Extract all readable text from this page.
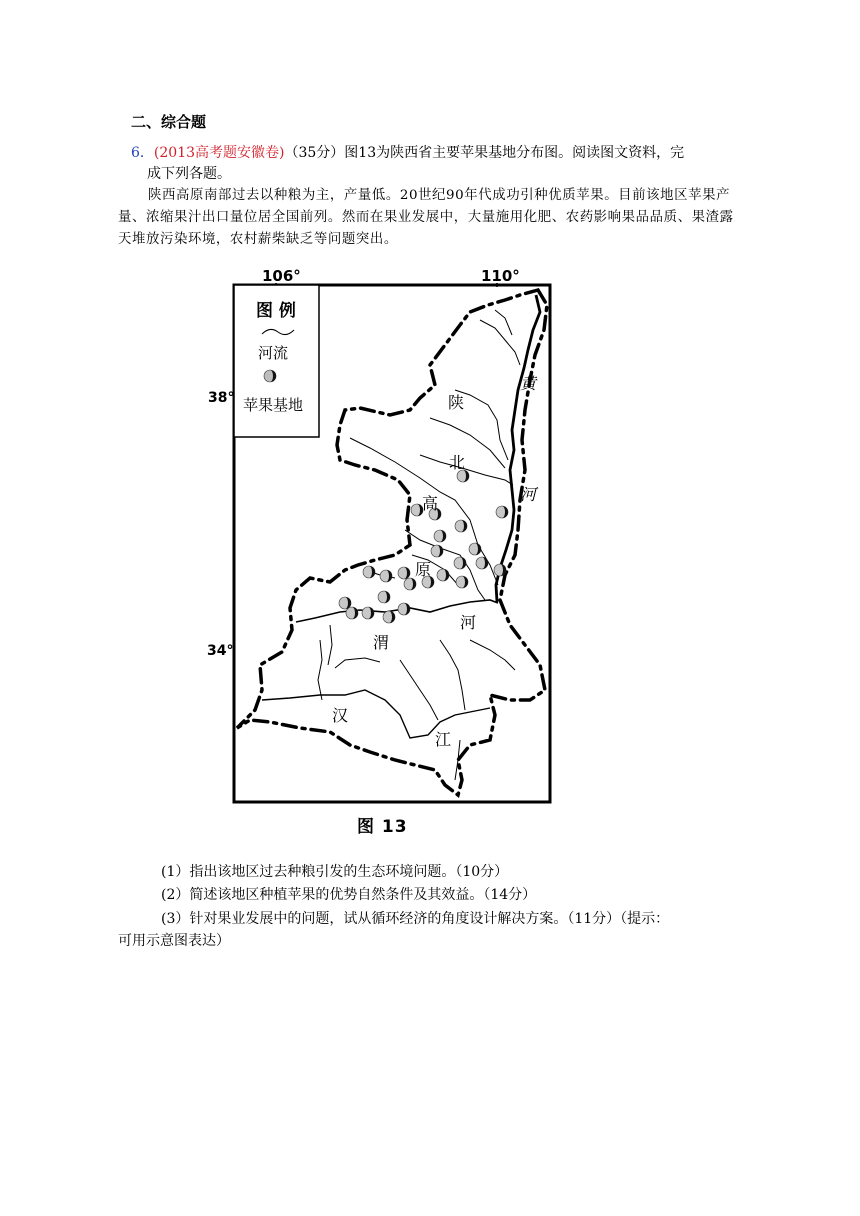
二、综合题
6．(2013高考题安徽卷)（35分）图13为陕西省主要苹果基地分布图。阅读图文资料，完
成下列各题。
陕西高原南部过去以种粮为主，产量低。20世纪90年代成功引种优质苹果。目前该地区苹果产量、浓缩果汁出口量位居全国前列。然而在果业发展中，大量施用化肥、农药影响果品品质、果渣露天堆放污染环境，农村薪柴缺乏等问题突出。
106°	110°
38°
34°
图 例
河流
苹果基地	陕
北
高
原
渭
河
黄
河
汉
江
图 13
(1）指出该地区过去种粮引发的生态环境问题。（10分）
(2）简述该地区种植苹果的优势自然条件及其效益。（14分）
(3）针对果业发展中的问题，试从循环经济的角度设计解决方案。（11分）（提示：
可用示意图表达）
